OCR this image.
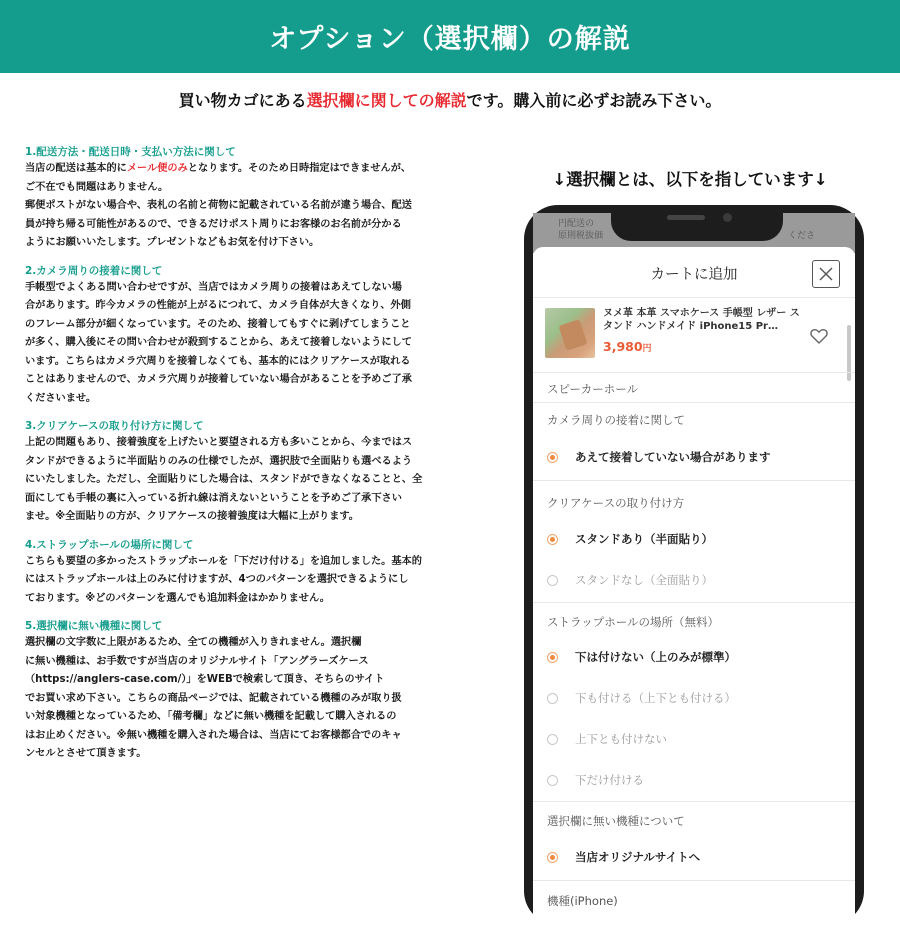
オプション（選択欄）の解説
買い物カゴにある選択欄に関しての解説です。購入前に必ずお読み下さい。
1.配送方法・配送日時・支払い方法に関して
当店の配送は基本的にメール便のみとなります。そのため日時指定はできませんが、
ご不在でも問題はありません。
郵便ポストがない場合や、表札の名前と荷物に記載されている名前が違う場合、配送
員が持ち帰る可能性があるので、できるだけポスト周りにお客様のお名前が分かる
ようにお願いいたします。プレゼントなどもお気を付け下さい。
2.カメラ周りの接着に関して
手帳型でよくある問い合わせですが、当店ではカメラ周りの接着はあえてしない場
合があります。昨今カメラの性能が上がるにつれて、カメラ自体が大きくなり、外側
のフレーム部分が細くなっています。そのため、接着してもすぐに剥げてしまうこと
が多く、購入後にその問い合わせが殺到することから、あえて接着しないようにして
います。こちらはカメラ穴周りを接着しなくても、基本的にはクリアケースが取れる
ことはありませんので、カメラ穴周りが接着していない場合があることを予めご了承
くださいませ。
3.クリアケースの取り付け方に関して
上記の問題もあり、接着強度を上げたいと要望される方も多いことから、今まではス
タンドができるように半面貼りのみの仕様でしたが、選択肢で全面貼りも選べるよう
にいたしました。ただし、全面貼りにした場合は、スタンドができなくなることと、全
面にしても手帳の裏に入っている折れ線は消えないということを予めご了承下さい
ませ。※全面貼りの方が、クリアケースの接着強度は大幅に上がります。
4.ストラップホールの場所に関して
こちらも要望の多かったストラップホールを「下だけ付ける」を追加しました。基本的
にはストラップホールは上のみに付けますが、4つのパターンを選択できるようにし
ております。※どのパターンを選んでも追加料金はかかりません。
5.選択欄に無い機種に関して
選択欄の文字数に上限があるため、全ての機種が入りきれません。選択欄
に無い機種は、お手数ですが当店のオリジナルサイト「アングラーズケース
（https://anglers-case.com/）」をWEBで検索して頂き、そちらのサイト
でお買い求め下さい。こちらの商品ページでは、記載されている機種のみが取り扱
い対象機種となっているため、「備考欄」などに無い機種を記載して購入されるの
はお止めください。※無い機種を購入された場合は、当店にてお客様都合でのキャ
ンセルとさせて頂きます。
↓選択欄とは、以下を指しています↓
円配送の
原則税抜価	くださ
カートに追加
ヌメ革 本革 スマホケース 手帳型 レザー スタンド ハンドメイド iPhone15 Pr…
3,980円
スピーカーホール
カメラ周りの接着に関して
あえて接着していない場合があります
クリアケースの取り付け方
スタンドあり（半面貼り）
スタンドなし（全面貼り）
ストラップホールの場所（無料）
下は付けない（上のみが標準）
下も付ける（上下とも付ける）
上下とも付けない
下だけ付ける
選択欄に無い機種について
当店オリジナルサイトへ
機種(iPhone)
